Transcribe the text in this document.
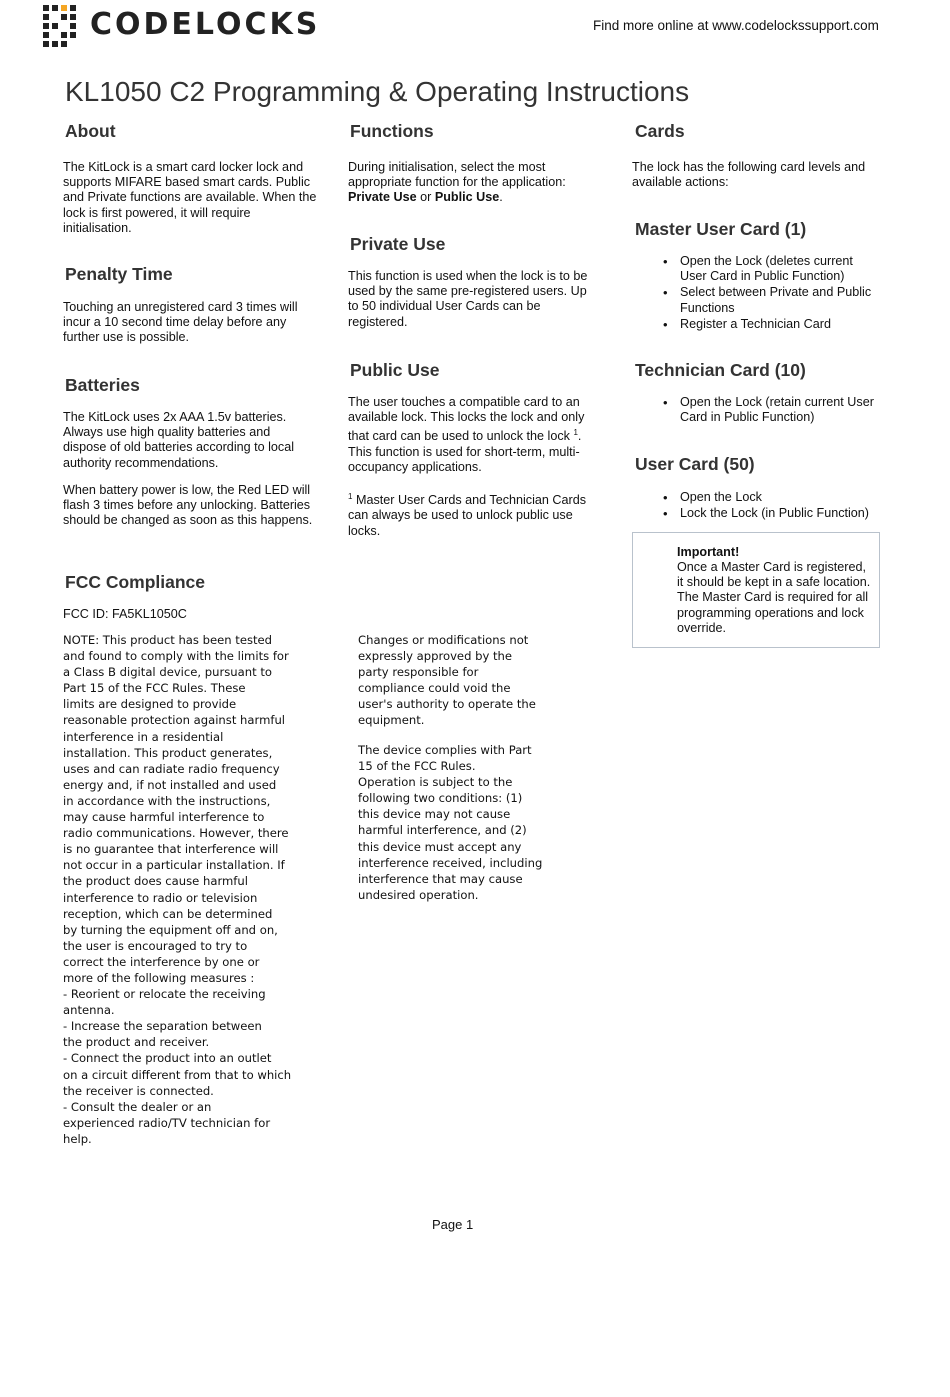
CODELOCKS	Find more online at www.codelockssupport.com
KL1050 C2 Programming & Operating Instructions
About

The KitLock is a smart card locker lock and supports MIFARE based smart cards. Public and Private functions are available. When the lock is first powered, it will require initialisation.

Penalty Time

Touching an unregistered card 3 times will incur a 10 second time delay before any further use is possible.

Batteries

The KitLock uses 2x AAA 1.5v batteries. Always use high quality batteries and dispose of old batteries according to local authority recommendations.

When battery power is low, the Red LED will flash 3 times before any unlocking. Batteries should be changed as soon as this happens.

Functions

During initialisation, select the most appropriate function for the application: Private Use or Public Use.

Private Use

This function is used when the lock is to be used by the same pre-registered users. Up to 50 individual User Cards can be registered.

Public Use

The user touches a compatible card to an available lock. This locks the lock and only that card can be used to unlock the lock $^1$. This function is used for short-term, multi-occupancy applications.

$^1$ Master User Cards and Technician Cards can always be used to unlock public use locks.

Cards

The lock has the following card levels and available actions:

Master User Card (1)
• Open the Lock (deletes current User Card in Public Function)
• Select between Private and Public Functions
• Register a Technician Card
Technician Card (10)
• Open the Lock (retain current User Card in Public Function)
User Card (50)
• Open the Lock
• Lock the Lock (in Public Function)
Important!
Once a Master Card is registered, it should be kept in a safe location. The Master Card is required for all programming operations and lock override.
FCC Compliance

FCC ID: FA5KL1050C

NOTE: This product has been tested
and found to comply with the limits for
a Class B digital device, pursuant to
Part 15 of the FCC Rules. These
limits are designed to provide
reasonable protection against harmful
interference in a residential
installation. This product generates,
uses and can radiate radio frequency
energy and, if not installed and used
in accordance with the instructions,
may cause harmful interference to
radio communications. However, there
is no guarantee that interference will
not occur in a particular installation. If
the product does cause harmful
interference to radio or television
reception, which can be determined
by turning the equipment off and on,
the user is encouraged to try to
correct the interference by one or
more of the following measures :
- Reorient or relocate the receiving
antenna.
- Increase the separation between
the product and receiver.
- Connect the product into an outlet
on a circuit different from that to which
the receiver is connected.
- Consult the dealer or an
experienced radio/TV technician for
help.

Changes or modifications not
expressly approved by the
party responsible for
compliance could void the
user's authority to operate the
equipment.

The device complies with Part
15 of the FCC Rules.
Operation is subject to the
following two conditions: (1)
this device may not cause
harmful interference, and (2)
this device must accept any
interference received, including
interference that may cause
undesired operation.

Page 1
